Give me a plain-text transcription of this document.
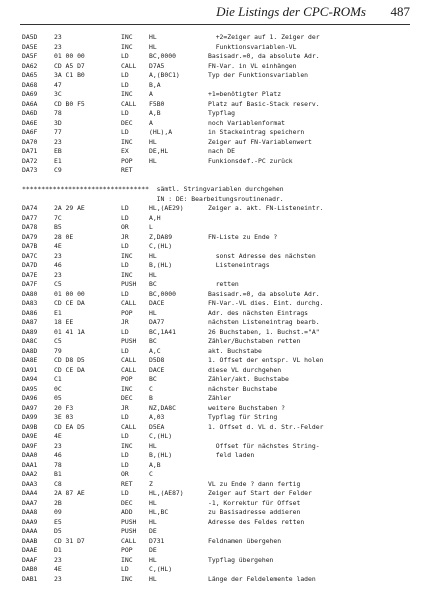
Die Listings der CPC-ROMs 487
DA5D	23	INC	HL	+2=Zeiger auf 1. Zeiger der
DA5E	23	INC	HL	Funktionsvariablen-VL
DA5F	01 00 00	LD	BC,0000	Basisadr.=0, da absolute Adr.
DA62	CD A5 D7	CALL D7A5	FN-Var. in VL einhängen
DA65	3A C1 B0	LD	A,(B0C1)	Typ der Funktionsvariablen
DA68	47	LD	B,A
DA69	3C	INC	A	+1=benötigter Platz
DA6A	CD B0 F5	CALL F5B0	Platz auf Basic-Stack reserv.
DA6D	78	LD	A,B	Typflag
DA6E	3D	DEC	A	noch Variablenformat
DA6F	77	LD	(HL),A	in Stackeintrag speichern
DA70	23	INC	HL	Zeiger auf FN-Variablenwert
DA71	EB	EX	DE,HL	nach DE
DA72	E1	POP	HL	Funkionsdef.-PC zurück
DA73	C9	RET
*********************************  sämtl. Stringvariablen durchgehen
IN : DE: Bearbeitungsroutinenadr.
DA74	2A 29 AE	LD	HL,(AE29)	Zeiger a. akt. FN-Listeneintr.
DA77	7C	LD	A,H
DA78	B5	OR	L
DA79	28 0E	JR	Z,DA89	FN-Liste zu Ende ?
DA7B	4E	LD	C,(HL)
DA7C	23	INC	HL	sonst Adresse des nächsten
DA7D	46	LD	B,(HL)	Listeneintrags
DA7E	23	INC	HL
DA7F	C5	PUSH BC	retten
DA80	01 00 00	LD	BC,0000	Basisadr.=0, da absolute Adr.
DA83	CD CE DA	CALL DACE	FN-Var.-VL dies. Eint. durchg.
DA86	E1	POP	HL	Adr. des nächsten Eintrags
DA87	18 EE	JR	DA77	nächsten Listeneintrag bearb.
DA89	01 41 1A	LD	BC,1A41	26 Buchstaben, 1. Buchst.="A"
DA8C	C5	PUSH BC	Zähler/Buchstaben retten
DA8D	79	LD	A,C	akt. Buchstabe
DA8E	CD D8 D5	CALL D5D8	1. Offset der entspr. VL holen
DA91	CD CE DA	CALL DACE	diese VL durchgehen
DA94	C1	POP	BC	Zähler/akt. Buchstabe
DA95	0C	INC	C	nächster Buchstabe
DA96	05	DEC	B	Zähler
DA97	20 F3	JR	NZ,DA8C	weitere Buchstaben ?
DA99	3E 03	LD	A,03	Typflag für String
DA9B	CD EA D5	CALL D5EA	1. Offset d. VL d. Str.-Felder
DA9E	4E	LD	C,(HL)
DA9F	23	INC	HL	Offset für nächstes String-
DAA0	46	LD	B,(HL)	feld laden
DAA1	78	LD	A,B
DAA2	B1	OR	C
DAA3	C8	RET	Z	VL zu Ende ? dann fertig
DAA4	2A 87 AE	LD	HL,(AE87)	Zeiger auf Start der Felder
DAA7	2B	DEC	HL	-1, Korrektur für Offset
DAA8	09	ADD	HL,BC	zu Basisadresse addieren
DAA9	E5	PUSH HL	Adresse des Feldes retten
DAAA	D5	PUSH DE
DAAB	CD 31 D7	CALL D731	Feldnamen übergehen
DAAE	D1	POP	DE
DAAF	23	INC	HL	Typflag übergehen
DAB0	4E	LD	C,(HL)
DAB1	23	INC	HL	Länge der Feldelemente laden
